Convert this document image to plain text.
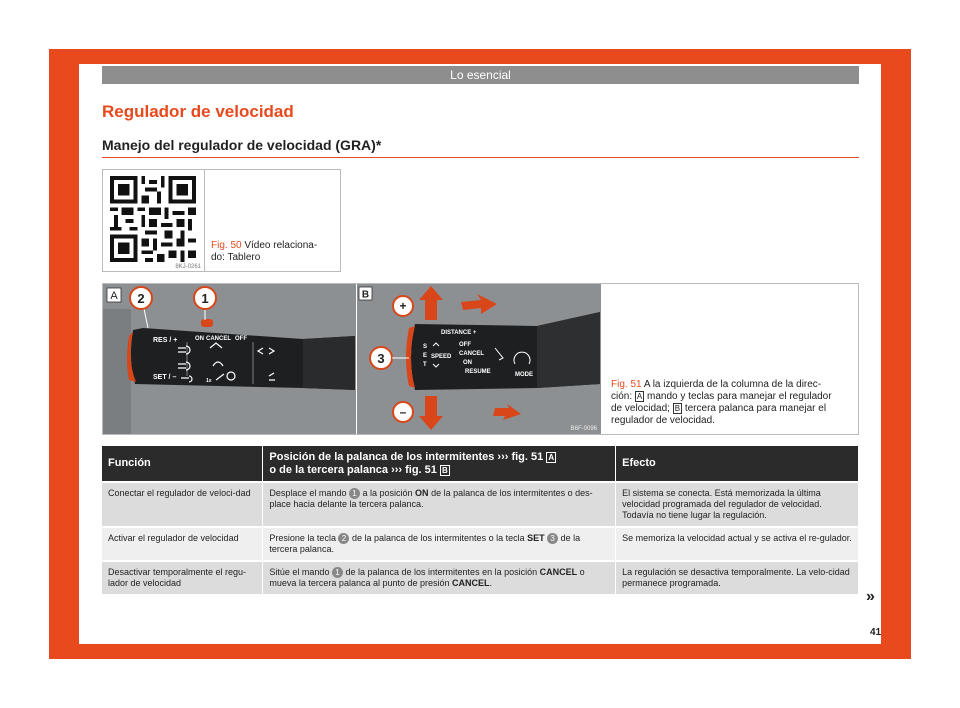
Lo esencial
Regulador de velocidad
Manejo del regulador de velocidad (GRA)*
8KJ-0261
Fig. 50 Vídeo relaciona-
do: Tablero
A 2	1
RES / +
SET / –
ON CANCEL OFF
1x
B
+
3
–
DISTANCE +
S
E
T
SPEED
OFF
CANCEL
ON
RESUME	MODE
B6F-0096
Fig. 51 A la izquierda de la columna de la direc-
ción: A mando y teclas para manejar el regulador
de velocidad; B tercera palanca para manejar el
regulador de velocidad.
Función	Posición de la palanca de los intermitentes ››› fig. 51 A
o de la tercera palanca ››› fig. 51 B	Efecto
Conectar el regulador de veloci-dad	Desplace el mando 1 a la posición ON de la palanca de los intermitentes o des-place hacia delante la tercera palanca.	El sistema se conecta. Está memorizada la última velocidad programada del regulador de velocidad. Todavía no tiene lugar la regulación.
Activar el regulador de velocidad	Presione la tecla 2 de la palanca de los intermitentes o la tecla SET 3 de la tercera palanca.	Se memoriza la velocidad actual y se activa el re-gulador.
Desactivar temporalmente el regu-lador de velocidad	Sitúe el mando 1 de la palanca de los intermitentes en la posición CANCEL o mueva la tercera palanca al punto de presión CANCEL.	La regulación se desactiva temporalmente. La velo-cidad permanece programada.
»
41
